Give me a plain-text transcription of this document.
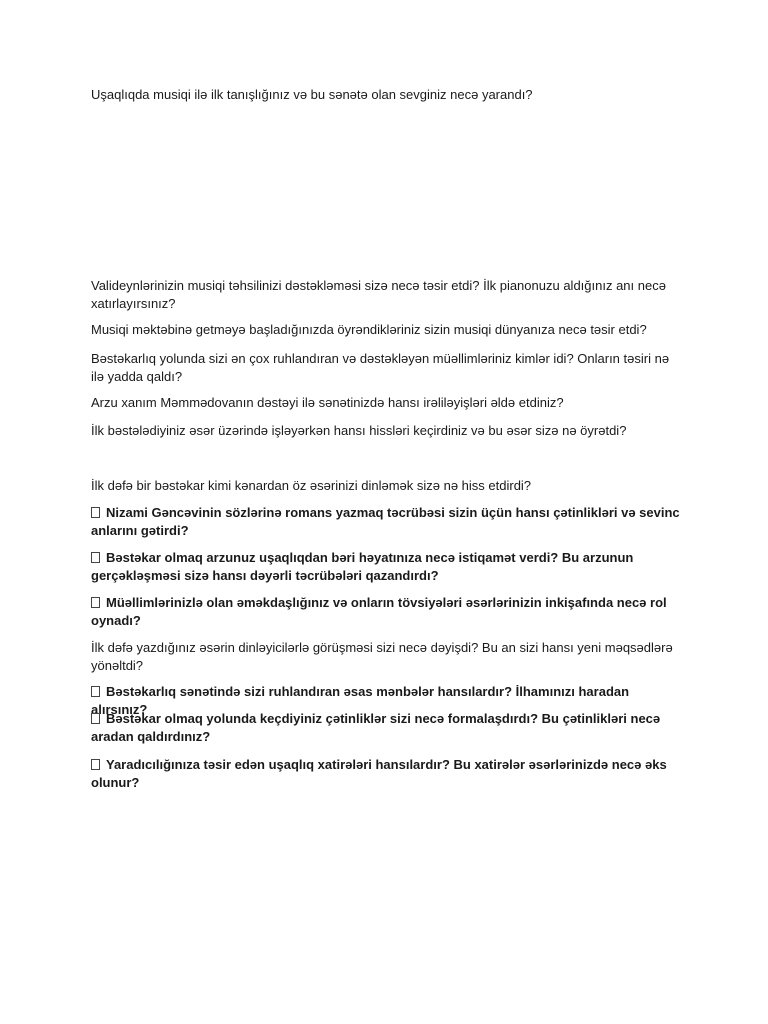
Uşaqlıqda musiqi ilə ilk tanışlığınız və bu sənətə olan sevginiz necə yarandı?

Valideynlərinizin musiqi təhsilinizi dəstəkləməsi sizə necə təsir etdi? İlk pianonuzu aldığınız anı necə xatırlayırsınız?

Musiqi məktəbinə getməyə başladığınızda öyrəndikləriniz sizin musiqi dünyanıza necə təsir etdi?

Bəstəkarlıq yolunda sizi ən çox ruhlandıran və dəstəkləyən müəllimləriniz kimlər idi? Onların təsiri nə ilə yadda qaldı?

Arzu xanım Məmmədovanın dəstəyi ilə sənətinizdə hansı irəliləyişləri əldə etdiniz?

İlk bəstələdiyiniz əsər üzərində işləyərkən hansı hissləri keçirdiniz və bu əsər sizə nə öyrətdi?

İlk dəfə bir bəstəkar kimi kənardan öz əsərinizi dinləmək sizə nə hiss etdirdi?

Nizami Gəncəvinin sözlərinə romans yazmaq təcrübəsi sizin üçün hansı çətinlikləri və sevinc anlarını gətirdi?

Bəstəkar olmaq arzunuz uşaqlıqdan bəri həyatınıza necə istiqamət verdi? Bu arzunun gerçəkləşməsi sizə hansı dəyərli təcrübələri qazandırdı?

Müəllimlərinizlə olan əməkdaşlığınız və onların tövsiyələri əsərlərinizin inkişafında necə rol oynadı?

İlk dəfə yazdığınız əsərin dinləyicilərlə görüşməsi sizi necə dəyişdi? Bu an sizi hansı yeni məqsədlərə yönəltdi?

Bəstəkarlıq sənətində sizi ruhlandıran əsas mənbələr hansılardır? İlhamınızı haradan alırsınız?

Bəstəkar olmaq yolunda keçdiyiniz çətinliklər sizi necə formalaşdırdı? Bu çətinlikləri necə aradan qaldırdınız?

Yaradıcılığınıza təsir edən uşaqlıq xatirələri hansılardır? Bu xatirələr əsərlərinizdə necə əks olunur?
